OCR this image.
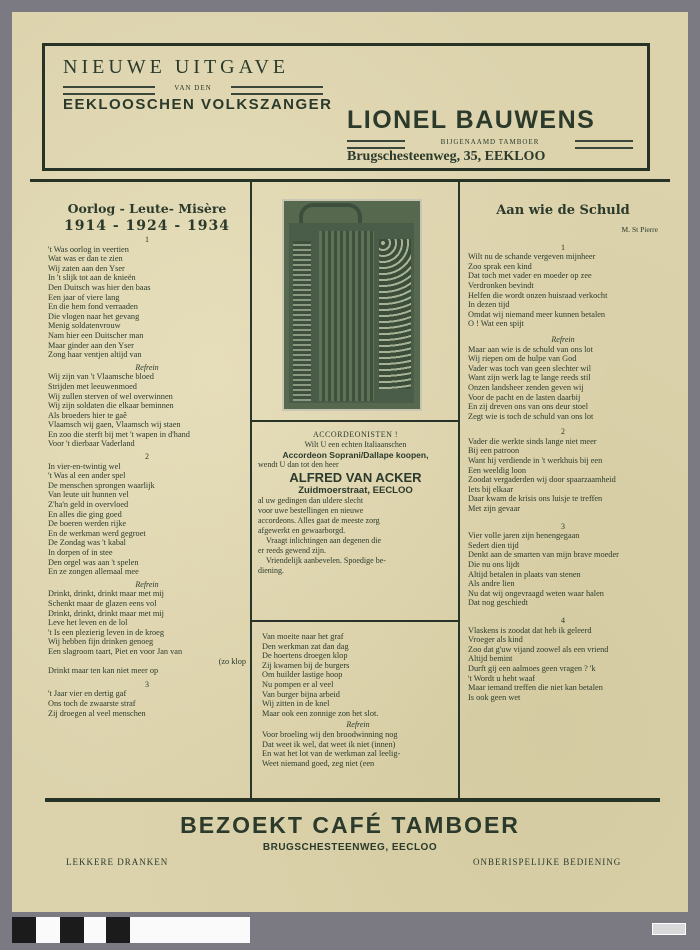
NIEUWE UITGAVE
VAN DEN
EEKLOOSCHEN VOLKSZANGER
LIONEL BAUWENS
BIJGENAAMD TAMBOER
Brugschesteenweg, 35, EEKLOO
Oorlog - Leute- Misère
1914 - 1924 - 1934
1
't Was oorlog in veertien
Wat was er dan te zien
Wij zaten aan den Yser
In 't slijk tot aan de knieën
Den Duitsch was hier den baas
Een jaar of viere lang
En die hem fond verraaden
Die vlogen naar het gevang
Menig soldatenvrouw
Nam hier een Duitscher man
Maar ginder aan den Yser
Zong haar ventjen altijd van
Refrein
Wij zijn van 't Vlaamsche bloed
Strijden met leeuwenmoed
Wij zullen sterven of wel overwinnen
Wij zijn soldaten die elkaar beminnen
Als broeders hier te gaê
Vlaamsch wij gaen, Vlaamsch wij staen
En zoo die sterft bij met 't wapen in d'hand
Voor 't dierbaar Vaderland
2
In vier-en-twintig wel
't Was al een ander spel
De menschen sprongen waarlijk
Van leute uit hunnen vel
Z'ha'n geld in overvloed
En alles die ging goed
De boeren werden rijke
En de werkman werd gegroet
De Zondag was 't kabal
In dorpen of in stee
Den orgel was aan 't spelen
En ze zongen allemaal mee
Refrein
Drinkt, drinkt, drinkt maar met mij
Schenkt maar de glazen eens vol
Drinkt, drinkt, drinkt maar met mij
Leve het leven en de lol
't Is een plezierig leven in de kroeg
Wij hebben fijn drinken genoeg
Een slagroom taart, Piet en voor Jan van
(zo klop
Drinkt maar ten kan niet meer op
3
't Jaar vier en dertig gaf
Ons toch de zwaarste straf
Zij droegen al veel menschen
ACCORDEONISTEN !
Wilt U een echten Italiaanschen
Accordeon Soprani/Dallape koopen,
wendt U dan tot den heer
ALFRED VAN ACKER
Zuidmoerstraat, EECLOO
al uw gedingen dan uldere slecht
voor uwe bestellingen en nieuwe
accordeons. Alles gaat de meeste zorg
afgewerkt en gewaarborgd.
Vraagt inlichtingen aan degenen die
er reeds gewend zijn.
Vriendelijk aanbevelen. Spoedige be-
diening.
Van moeite naar het graf
Den werkman zat dan dag
De hoertens droegen klop
Zij kwamen bij de burgers
Om huilder lastige hoop
Nu pompen er al veel
Van burger bijna arbeid
Wij zitten in de knel
Maar ook een zonnige zon het slot.
Refrein
Voor broeling wij den broodwinning nog
Dat weet ik wel, dat weet ik niet (innen)
En wat het lot van de werkman zal leelig-
Weet niemand goed, zeg niet (een
Aan wie de Schuld
M. St Pierre
1
Wilt nu de schande vergeven mijnheer
Zoo sprak een kind
Dat toch met vader en moeder op zee
Verdronken bevindt
Helfen die wordt onzen huisraad verkocht
In dezen tijd
Omdat wij niemand meer kunnen betalen
O ! Wat een spijt
Refrein
Maar aan wie is de schuld van ons lot
Wij riepen om de hulpe van God
Vader was toch van geen slechter wil
Want zijn werk lag te lange reeds stil
Onzen landsheer zenden geven wij
Voor de pacht en de lasten daarbij
En zij dreven ons van ons deur stoel
Zegt wie is toch de schuld van ons lot
2
Vader die werkte sinds lange niet meer
Bij een patroon
Want hij verdiende in 't werkhuis bij een
Een weeldig loon
Zoodat vergaderden wij door spaarzaamheid
Iets bij elkaar
Daar kwam de krisis ons luisje te treffen
Met zijn gevaar
3
Vier volle jaren zijn henengegaan
Sedert dien tijd
Denkt aan de smarten van mijn brave moeder
Die nu ons lijdt
Altijd betalen in plaats van stenen
Als andre lien
Nu dat wij ongevraagd weten waar halen
Dat nog geschiedt
4
Vlaskens is zoodat dat heb ik geleerd
Vroeger als kind
Zoo dat g'uw vijand zoowel als een vriend
Altijd bemint
Durft gij een aalmoes geen vragen ? 'k
't Wordt u hebt waaf
Maar iemand treffen die niet kan betalen
Is ook geen wet
BEZOEKT CAFÉ TAMBOER
BRUGSCHESTEENWEG, EECLOO
LEKKERE DRANKEN	ONBERISPELIJKE BEDIENING
